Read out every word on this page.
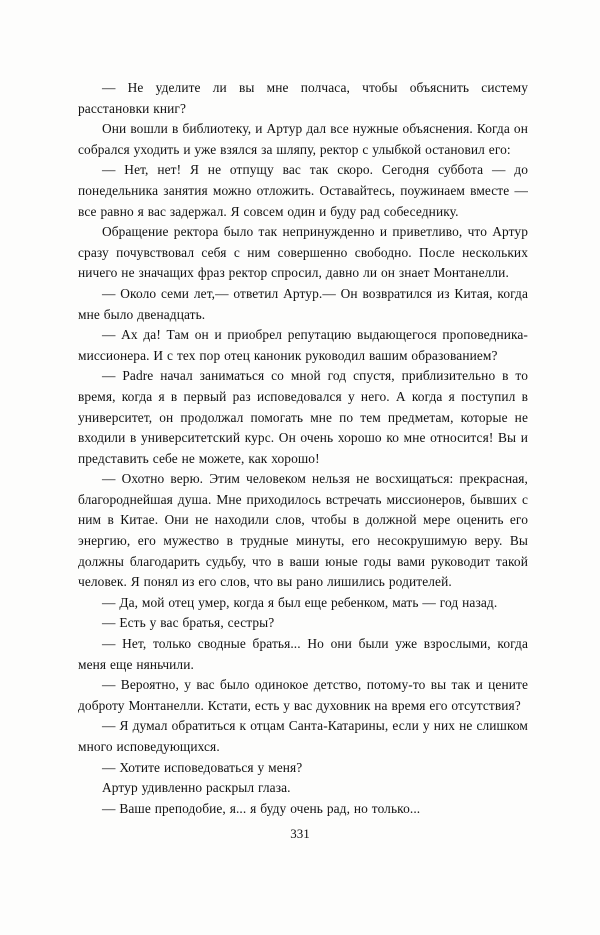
— Не уделите ли вы мне полчаса, чтобы объяснить систему расстановки книг?

Они вошли в библиотеку, и Артур дал все нужные объяснения. Когда он собрался уходить и уже взялся за шляпу, ректор с улыбкой остановил его:

— Нет, нет! Я не отпущу вас так скоро. Сегодня суббота — до понедельника занятия можно отложить. Оставайтесь, поужинаем вместе — все равно я вас задержал. Я совсем один и буду рад собеседнику.

Обращение ректора было так непринужденно и приветливо, что Артур сразу почувствовал себя с ним совершенно свободно. После нескольких ничего не значащих фраз ректор спросил, давно ли он знает Монтанелли.

— Около семи лет,— ответил Артур.— Он возвратился из Китая, когда мне было двенадцать.

— Ах да! Там он и приобрел репутацию выдающегося проповедника-миссионера. И с тех пор отец каноник руководил вашим образованием?

— Padre начал заниматься со мной год спустя, приблизительно в то время, когда я в первый раз исповедовался у него. А когда я поступил в университет, он продолжал помогать мне по тем предметам, которые не входили в университетский курс. Он очень хорошо ко мне относится! Вы и представить себе не можете, как хорошо!

— Охотно верю. Этим человеком нельзя не восхищаться: прекрасная, благороднейшая душа. Мне приходилось встречать миссионеров, бывших с ним в Китае. Они не находили слов, чтобы в должной мере оценить его энергию, его мужество в трудные минуты, его несокрушимую веру. Вы должны благодарить судьбу, что в ваши юные годы вами руководит такой человек. Я понял из его слов, что вы рано лишились родителей.

— Да, мой отец умер, когда я был еще ребенком, мать — год назад.

— Есть у вас братья, сестры?

— Нет, только сводные братья... Но они были уже взрослыми, когда меня еще няньчили.

— Вероятно, у вас было одинокое детство, потому-то вы так и цените доброту Монтанелли. Кстати, есть у вас духовник на время его отсутствия?

— Я думал обратиться к отцам Санта-Катарины, если у них не слишком много исповедующихся.

— Хотите исповедоваться у меня?

Артур удивленно раскрыл глаза.

— Ваше преподобие, я... я буду очень рад, но только...

331
